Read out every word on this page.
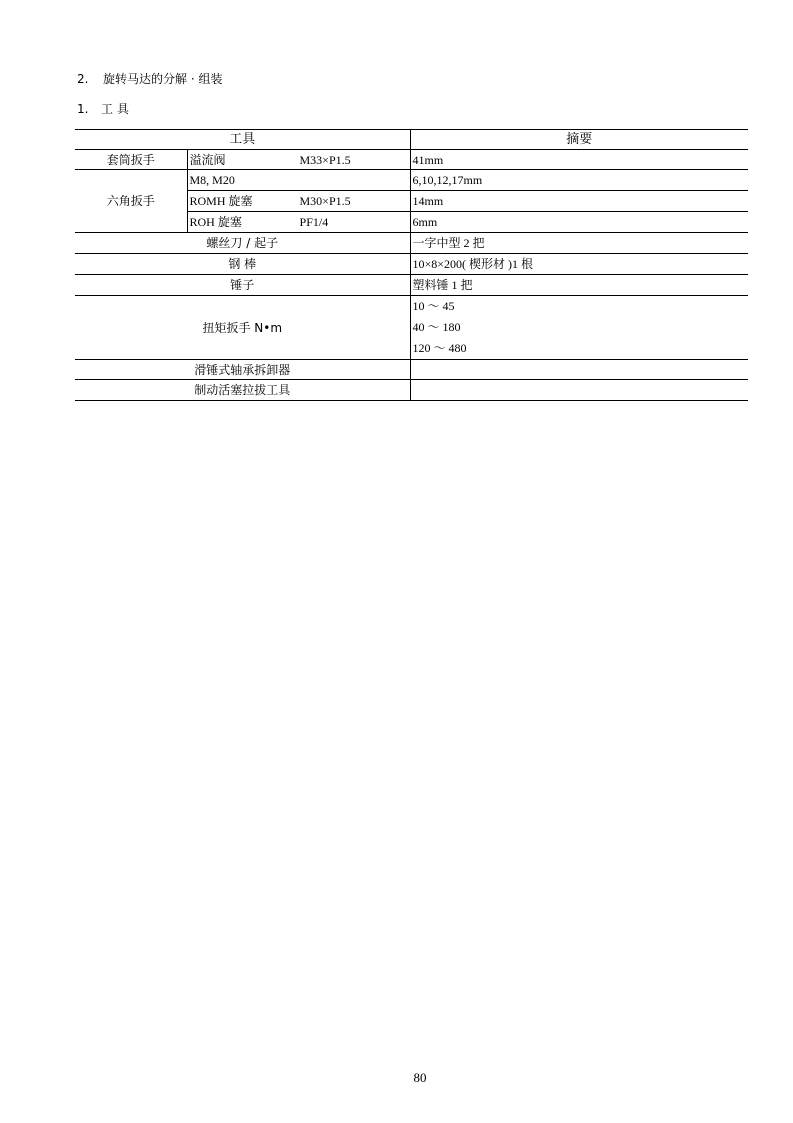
2. 旋转马达的分解 · 组装
1. 工 具
工具		摘要
套筒扳手	溢流阀 M33×P1.5	41mm
六角扳手	M8, M20	6,10,12,17mm

	ROMH 旋塞 M30×P1.5	14mm

	ROH 旋塞 PF1/4	6mm
螺丝刀 / 起子		一字中型 2 把
钢 棒		10×8×200( 楔形材 )1 根
锤子		塑料锤 1 把
扭矩扳手 N•m		10 ～ 45
40 ～ 180
120 ～ 480

滑锤式轴承拆卸器		
制动活塞拉拔工具		
80
